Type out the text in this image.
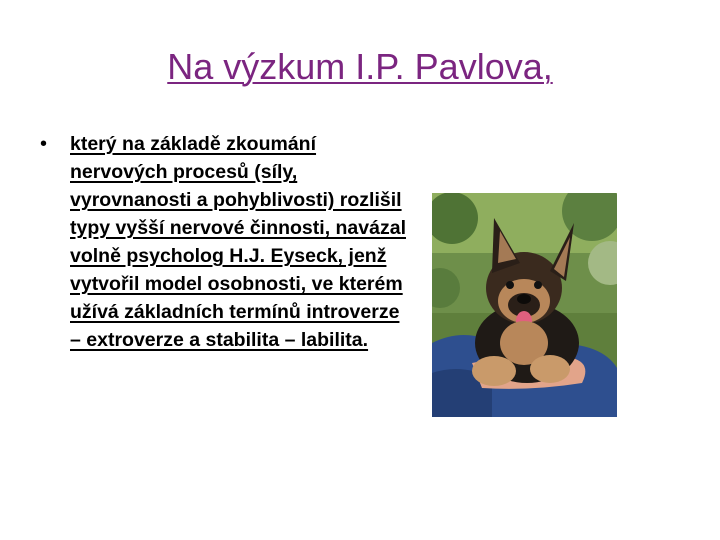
Na výzkum I.P. Pavlova,
•	který na základě zkoumání

nervových procesů (síly,

vyrovnanosti a pohyblivosti) rozlišil

typy vyšší nervové činnosti, navázal

volně psycholog H.J. Eyseck, jenž

vytvořil model osobnosti, ve kterém

užívá základních termínů introverze

– extroverze a stabilita – labilita.
